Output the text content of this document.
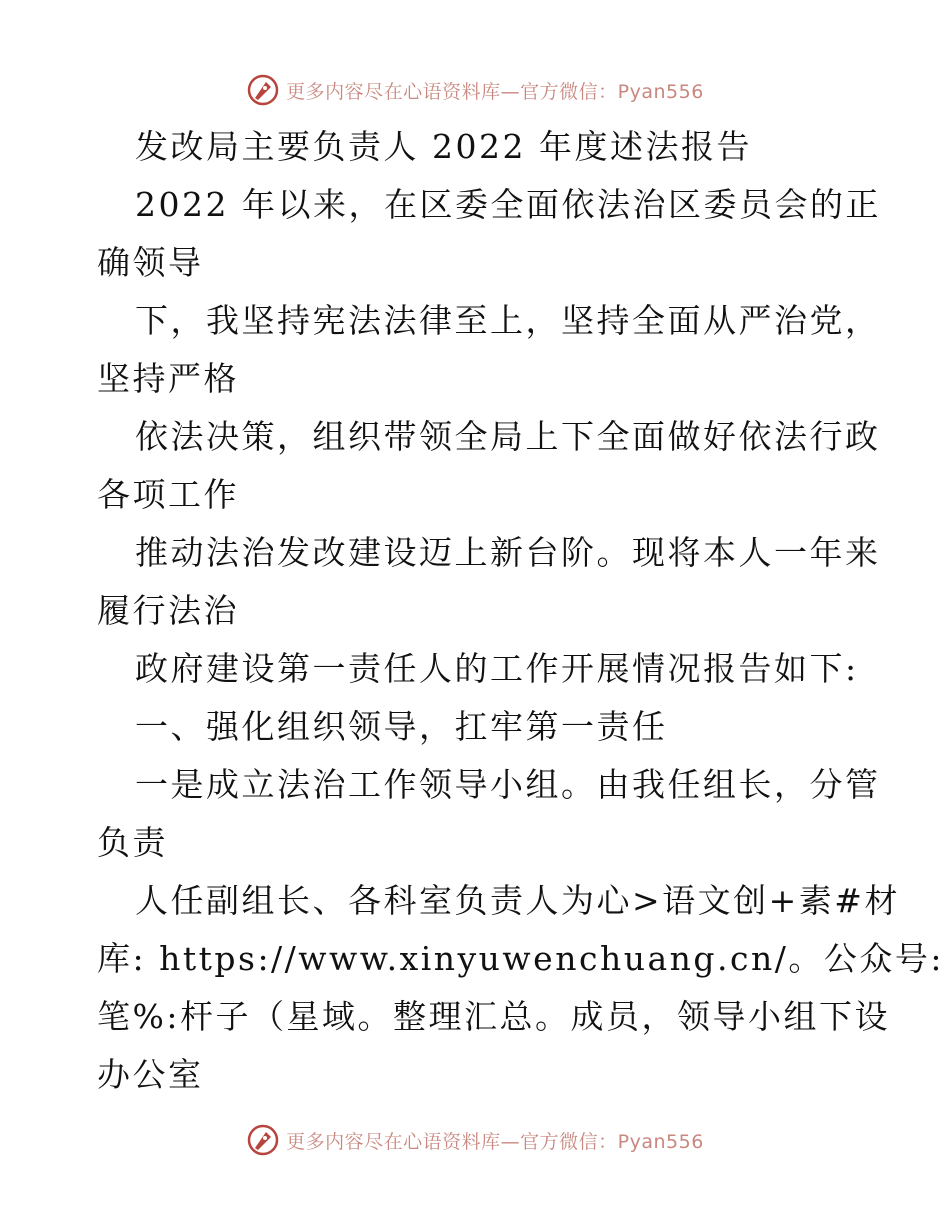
更多内容尽在心语资料库—官方微信：Pyan556
发改局主要负责人 2022 年度述法报告
2022 年以来，在区委全面依法治区委员会的正
确领导
下，我坚持宪法法律至上，坚持全面从严治党，
坚持严格
依法决策，组织带领全局上下全面做好依法行政
各项工作
推动法治发改建设迈上新台阶。现将本人一年来
履行法治
政府建设第一责任人的工作开展情况报告如下:
一、强化组织领导，扛牢第一责任
一是成立法治工作领导小组。由我任组长，分管
负责
人任副组长、各科室负责人为心>语文创+素#材
库: https://www.xinyuwenchuang.cn/。公众号:
笔%:杆子（星域。整理汇总。成员，领导小组下设
办公室
更多内容尽在心语资料库—官方微信：Pyan556
